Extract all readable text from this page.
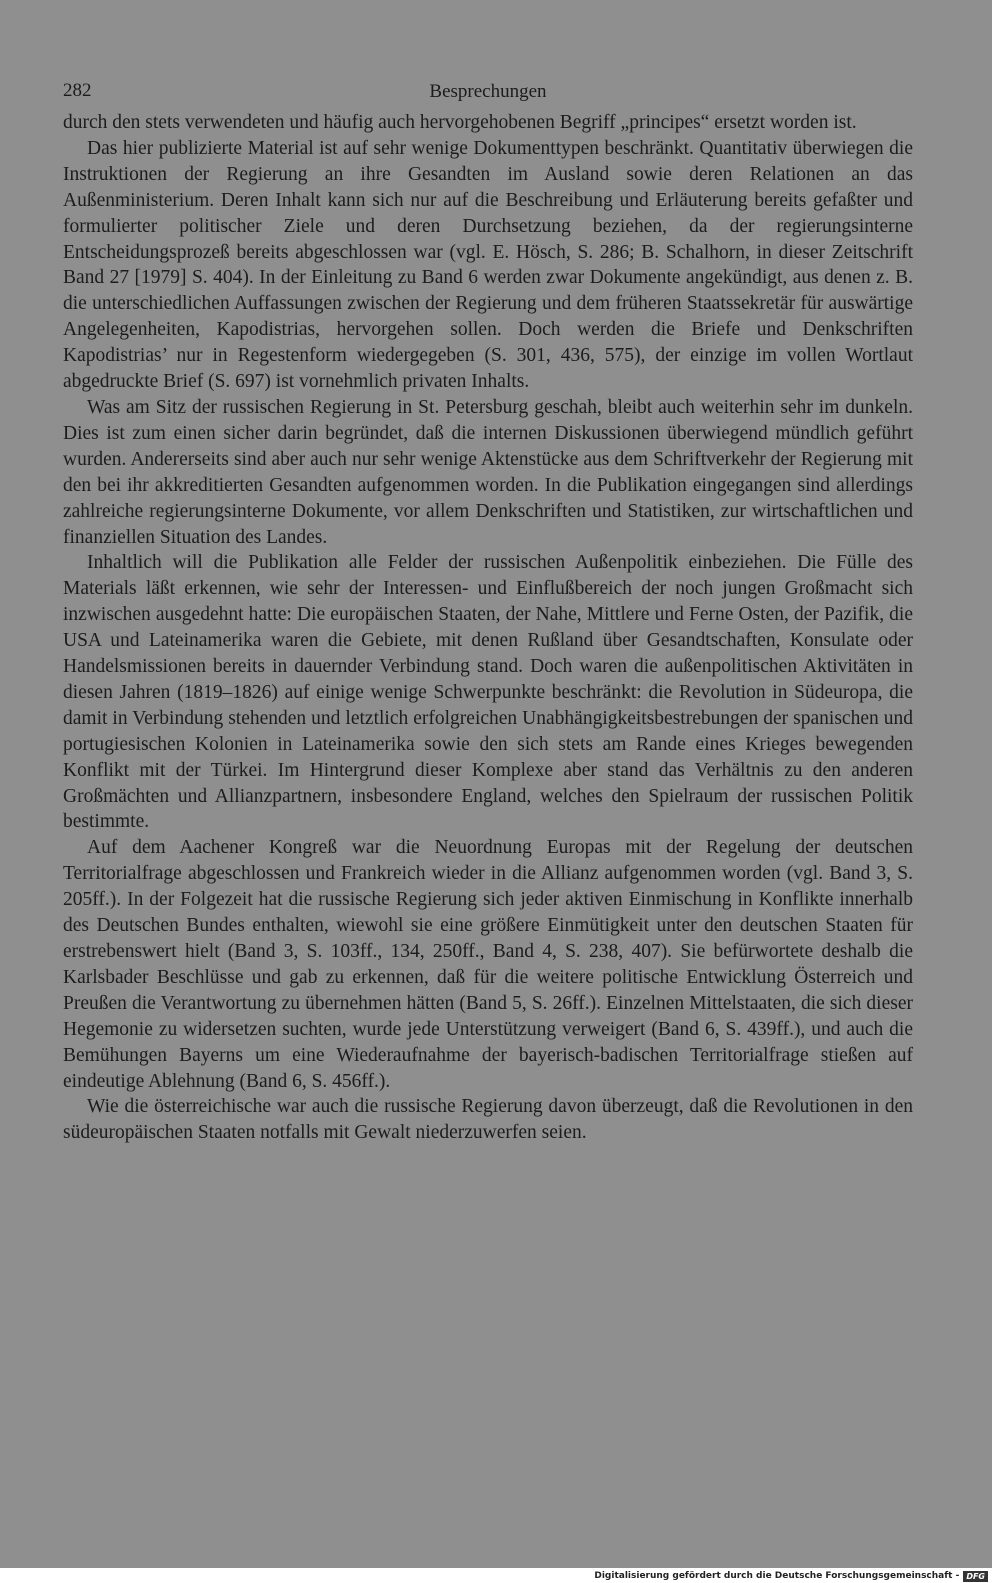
282	Besprechungen

durch den stets verwendeten und häufig auch hervorgehobenen Begriff „principes“ ersetzt worden ist.

Das hier publizierte Material ist auf sehr wenige Dokumenttypen beschränkt. Quantitativ überwiegen die Instruktionen der Regierung an ihre Gesandten im Ausland sowie deren Relationen an das Außenministerium. Deren Inhalt kann sich nur auf die Beschreibung und Erläuterung bereits gefaßter und formulierter politischer Ziele und deren Durchsetzung beziehen, da der regierungsinterne Entscheidungsprozeß bereits abgeschlossen war (vgl. E. Hösch, S. 286; B. Schalhorn, in dieser Zeitschrift Band 27 [1979] S. 404). In der Einleitung zu Band 6 werden zwar Dokumente angekündigt, aus denen z. B. die unterschiedlichen Auffassungen zwischen der Regierung und dem früheren Staatssekretär für auswärtige Angelegenheiten, Kapodistrias, hervorgehen sollen. Doch werden die Briefe und Denkschriften Kapodistrias’ nur in Regestenform wiedergegeben (S. 301, 436, 575), der einzige im vollen Wortlaut abgedruckte Brief (S. 697) ist vornehmlich privaten Inhalts.

Was am Sitz der russischen Regierung in St. Petersburg geschah, bleibt auch weiterhin sehr im dunkeln. Dies ist zum einen sicher darin begründet, daß die internen Diskussionen überwiegend mündlich geführt wurden. Andererseits sind aber auch nur sehr wenige Aktenstücke aus dem Schriftverkehr der Regierung mit den bei ihr akkreditierten Gesandten aufgenommen worden. In die Publikation eingegangen sind allerdings zahlreiche regierungsinterne Dokumente, vor allem Denkschriften und Statistiken, zur wirtschaftlichen und finanziellen Situation des Landes.

Inhaltlich will die Publikation alle Felder der russischen Außenpolitik einbeziehen. Die Fülle des Materials läßt erkennen, wie sehr der Interessen- und Einflußbereich der noch jungen Großmacht sich inzwischen ausgedehnt hatte: Die europäischen Staaten, der Nahe, Mittlere und Ferne Osten, der Pazifik, die USA und Lateinamerika waren die Gebiete, mit denen Rußland über Gesandtschaften, Konsulate oder Handelsmissionen bereits in dauernder Verbindung stand. Doch waren die außenpolitischen Aktivitäten in diesen Jahren (1819–1826) auf einige wenige Schwerpunkte beschränkt: die Revolution in Südeuropa, die damit in Verbindung stehenden und letztlich erfolgreichen Unabhängigkeitsbestrebungen der spanischen und portugiesischen Kolonien in Lateinamerika sowie den sich stets am Rande eines Krieges bewegenden Konflikt mit der Türkei. Im Hintergrund dieser Komplexe aber stand das Verhältnis zu den anderen Großmächten und Allianzpartnern, insbesondere England, welches den Spielraum der russischen Politik bestimmte.

Auf dem Aachener Kongreß war die Neuordnung Europas mit der Regelung der deutschen Territorialfrage abgeschlossen und Frankreich wieder in die Allianz aufgenommen worden (vgl. Band 3, S. 205ff.). In der Folgezeit hat die russische Regierung sich jeder aktiven Einmischung in Konflikte innerhalb des Deutschen Bundes enthalten, wiewohl sie eine größere Einmütigkeit unter den deutschen Staaten für erstrebenswert hielt (Band 3, S. 103ff., 134, 250ff., Band 4, S. 238, 407). Sie befürwortete deshalb die Karlsbader Beschlüsse und gab zu erkennen, daß für die weitere politische Entwicklung Österreich und Preußen die Verantwortung zu übernehmen hätten (Band 5, S. 26ff.). Einzelnen Mittelstaaten, die sich dieser Hegemonie zu widersetzen suchten, wurde jede Unterstützung verweigert (Band 6, S. 439ff.), und auch die Bemühungen Bayerns um eine Wiederaufnahme der bayerisch-badischen Territorialfrage stießen auf eindeutige Ablehnung (Band 6, S. 456ff.).

Wie die österreichische war auch die russische Regierung davon überzeugt, daß die Revolutionen in den südeuropäischen Staaten notfalls mit Gewalt niederzuwerfen seien.

Digitalisierung gefördert durch die Deutsche Forschungsgemeinschaft - DFG
